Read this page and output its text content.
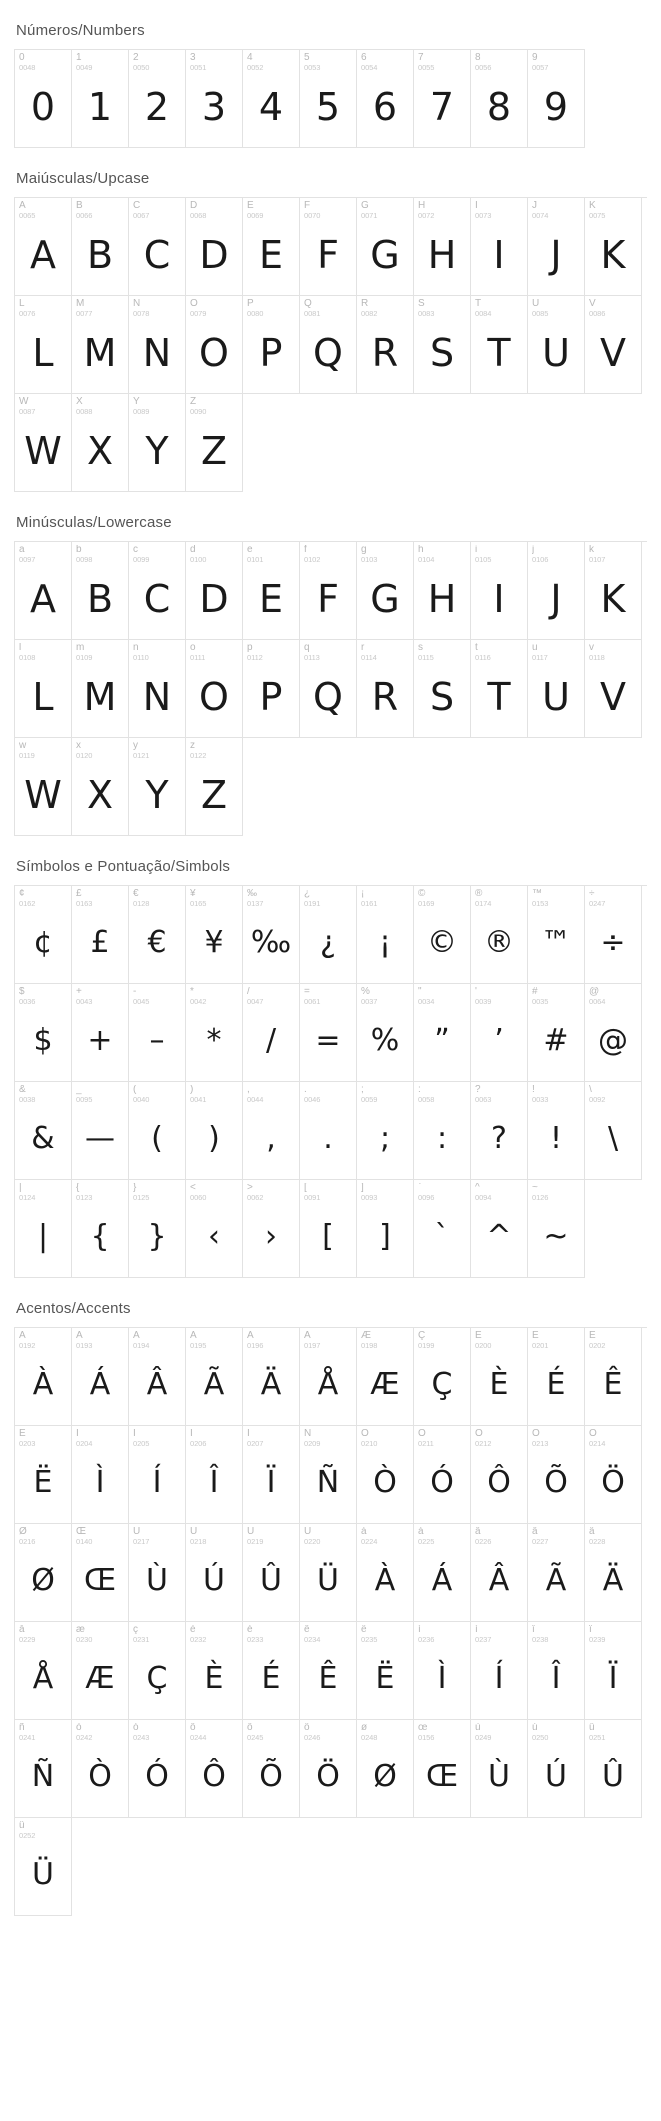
Números/Numbers
0
0048
0
1
0049
1
2
0050
2
3
0051
3
4
0052
4
5
0053
5
6
0054
6
7
0055
7
8
0056
8
9
0057
9
Maiúsculas/Upcase
A
0065
A
B
0066
B
C
0067
C
D
0068
D
E
0069
E
F
0070
F
G
0071
G
H
0072
H
I
0073
I
J
0074
J
K
0075
K
L
0076
L
M
0077
M
N
0078
N
O
0079
O
P
0080
P
Q
0081
Q
R
0082
R
S
0083
S
T
0084
T
U
0085
U
V
0086
V
W
0087
W
X
0088
X
Y
0089
Y
Z
0090
Z
Minúsculas/Lowercase
a
0097
A
b
0098
B
c
0099
C
d
0100
D
e
0101
E
f
0102
F
g
0103
G
h
0104
H
i
0105
I
j
0106
J
k
0107
K
l
0108
L
m
0109
M
n
0110
N
o
0111
O
p
0112
P
q
0113
Q
r
0114
R
s
0115
S
t
0116
T
u
0117
U
v
0118
V
w
0119
W
x
0120
X
y
0121
Y
z
0122
Z
Símbolos e Pontuação/Simbols
¢
0162
¢
£
0163
£
€
0128
€
¥
0165
¥
‰
0137
‰
¿
0191
¿
¡
0161
¡
©
0169
©
®
0174
®
™
0153
™
÷
0247
÷
$
0036
$
+
0043
+
-
0045
–
*
0042
*
/
0047
/
=
0061
=
%
0037
%
"
0034
”
'
0039
’
#
0035
#
@
0064
@
&
0038
&
_
0095
—
(
0040
(
)
0041
)
,
0044
,
.
0046
.
;
0059
;
:
0058
:
?
0063
?
!
0033
!
\
0092
\
|
0124
|
{
0123
{
}
0125
}
<
0060
‹
>
0062
›
[
0091
[
]
0093
]
`
0096
`
^
0094
^
~
0126
~
Acentos/Accents
À
0192
À
Á
0193
Á
Â
0194
Â
Ã
0195
Ã
Ä
0196
Ä
Å
0197
Å
Æ
0198
Æ
Ç
0199
Ç
È
0200
È
É
0201
É
Ê
0202
Ê
Ë
0203
Ë
Ì
0204
Ì
Í
0205
Í
Î
0206
Î
Ï
0207
Ï
Ñ
0209
Ñ
Ò
0210
Ò
Ó
0211
Ó
Ô
0212
Ô
Õ
0213
Õ
Ö
0214
Ö
Ø
0216
Ø
Œ
0140
Œ
Ù
0217
Ù
Ú
0218
Ú
Û
0219
Û
Ü
0220
Ü
à
0224
À
á
0225
Á
â
0226
Â
ã
0227
Ã
ä
0228
Ä
å
0229
Å
æ
0230
Æ
ç
0231
Ç
è
0232
È
é
0233
É
ê
0234
Ê
ë
0235
Ë
ì
0236
Ì
í
0237
Í
î
0238
Î
ï
0239
Ï
ñ
0241
Ñ
ò
0242
Ò
ó
0243
Ó
ô
0244
Ô
õ
0245
Õ
ö
0246
Ö
ø
0248
Ø
œ
0156
Œ
ù
0249
Ù
ú
0250
Ú
û
0251
Û
ü
0252
Ü
